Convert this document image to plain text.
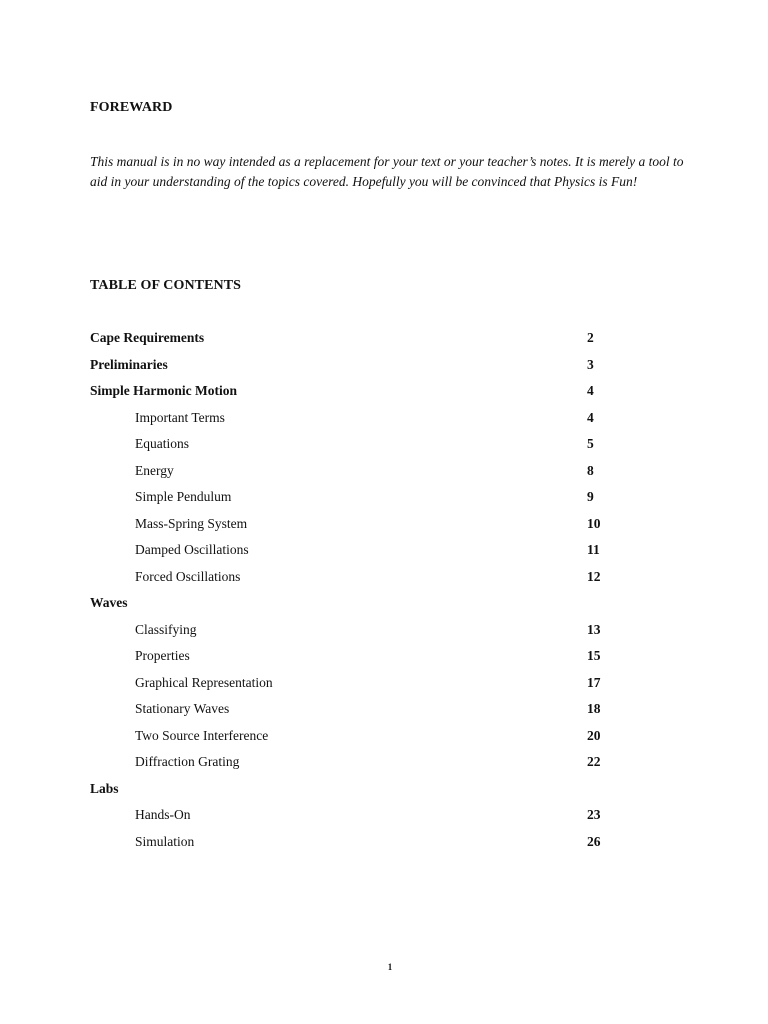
FOREWARD

This manual is in no way intended as a replacement for your text or your teacher’s notes. It is merely a tool to aid in your understanding of the topics covered. Hopefully you will be convinced that Physics is Fun!

TABLE OF CONTENTS
Cape Requirements	2
Preliminaries	3
Simple Harmonic Motion	4
Important Terms	4
Equations	5
Energy	8
Simple Pendulum	9
Mass-Spring System	10
Damped Oscillations	11
Forced Oscillations	12
Waves
Classifying	13
Properties	15
Graphical Representation	17
Stationary Waves	18
Two Source Interference	20
Diffraction Grating	22
Labs
Hands-On	23
Simulation	26
1
